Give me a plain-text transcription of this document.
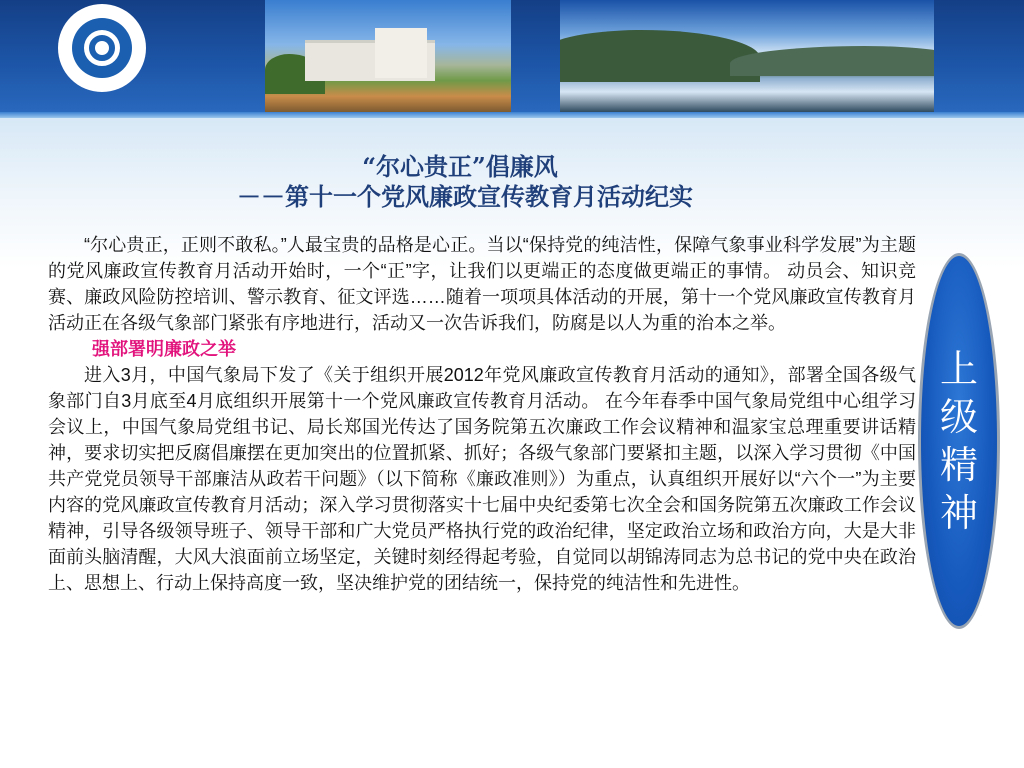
“尔心贵正”倡廉风
－－第十一个党风廉政宣传教育月活动纪实

“尔心贵正，正则不敢私。”人最宝贵的品格是心正。当以“保持党的纯洁性，保障气象事业科学发展”为主题的党风廉政宣传教育月活动开始时，一个“正”字，让我们以更端正的态度做更端正的事情。 动员会、知识竞赛、廉政风险防控培训、警示教育、征文评选……随着一项项具体活动的开展，第十一个党风廉政宣传教育月活动正在各级气象部门紧张有序地进行，活动又一次告诉我们，防腐是以人为重的治本之举。

强部署明廉政之举

进入3月，中国气象局下发了《关于组织开展2012年党风廉政宣传教育月活动的通知》，部署全国各级气象部门自3月底至4月底组织开展第十一个党风廉政宣传教育月活动。 在今年春季中国气象局党组中心组学习会议上，中国气象局党组书记、局长郑国光传达了国务院第五次廉政工作会议精神和温家宝总理重要讲话精神，要求切实把反腐倡廉摆在更加突出的位置抓紧、抓好；各级气象部门要紧扣主题，以深入学习贯彻《中国共产党党员领导干部廉洁从政若干问题》（以下简称《廉政准则》）为重点，认真组织开展好以“六个一”为主要内容的党风廉政宣传教育月活动；深入学习贯彻落实十七届中央纪委第七次全会和国务院第五次廉政工作会议精神，引导各级领导班子、领导干部和广大党员严格执行党的政治纪律，坚定政治立场和政治方向，大是大非面前头脑清醒，大风大浪面前立场坚定，关键时刻经得起考验，自觉同以胡锦涛同志为总书记的党中央在政治上、思想上、行动上保持高度一致，坚决维护党的团结统一，保持党的纯洁性和先进性。

上级精神
